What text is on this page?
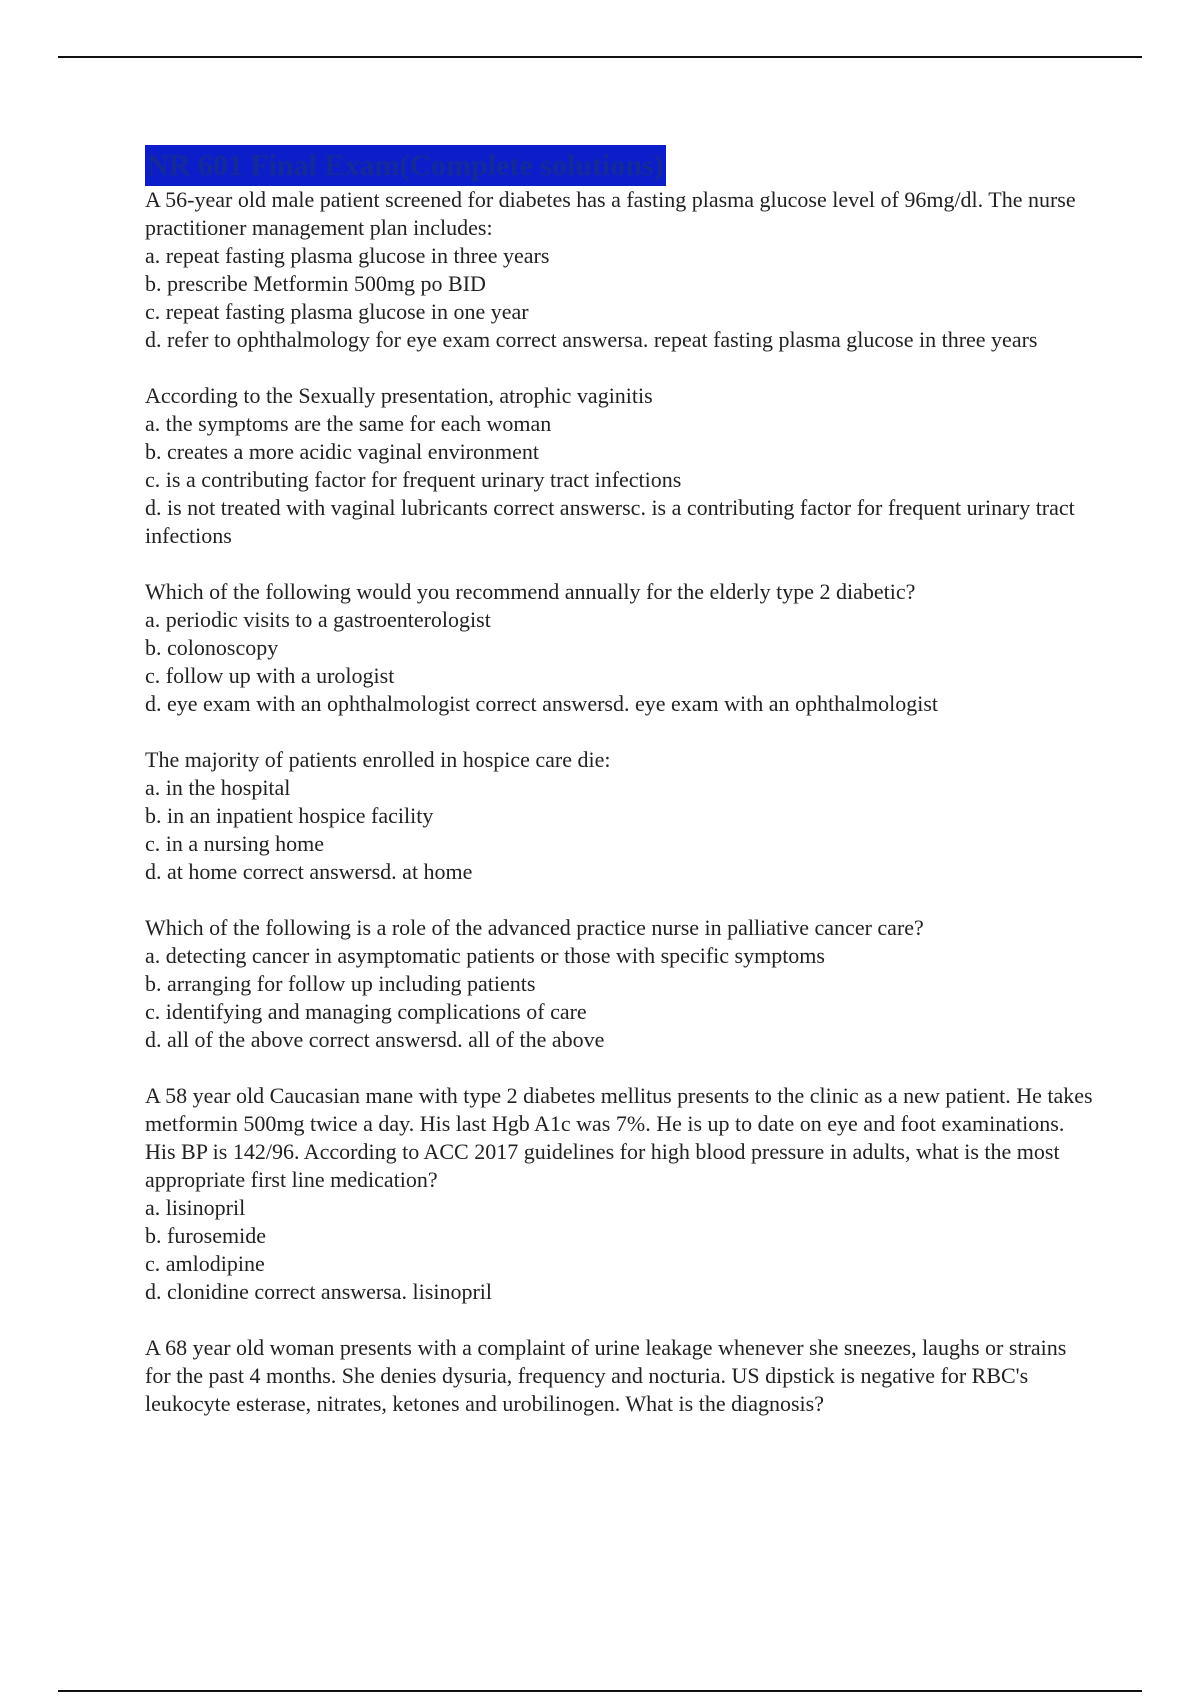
NR 601 Final Exam(Complete solutions)
A 56-year old male patient screened for diabetes has a fasting plasma glucose level of 96mg/dl. The nurse practitioner management plan includes:
a. repeat fasting plasma glucose in three years
b. prescribe Metformin 500mg po BID
c. repeat fasting plasma glucose in one year
d. refer to ophthalmology for eye exam correct answersa. repeat fasting plasma glucose in three years
According to the Sexually presentation, atrophic vaginitis
a. the symptoms are the same for each woman
b. creates a more acidic vaginal environment
c. is a contributing factor for frequent urinary tract infections
d. is not treated with vaginal lubricants correct answersc. is a contributing factor for frequent urinary tract infections
Which of the following would you recommend annually for the elderly type 2 diabetic?
a. periodic visits to a gastroenterologist
b. colonoscopy
c. follow up with a urologist
d. eye exam with an ophthalmologist correct answersd. eye exam with an ophthalmologist
The majority of patients enrolled in hospice care die:
a. in the hospital
b. in an inpatient hospice facility
c. in a nursing home
d. at home correct answersd. at home
Which of the following is a role of the advanced practice nurse in palliative cancer care?
a. detecting cancer in asymptomatic patients or those with specific symptoms
b. arranging for follow up including patients
c. identifying and managing complications of care
d. all of the above correct answersd. all of the above
A 58 year old Caucasian mane with type 2 diabetes mellitus presents to the clinic as a new patient. He takes metformin 500mg twice a day. His last Hgb A1c was 7%. He is up to date on eye and foot examinations. His BP is 142/96. According to ACC 2017 guidelines for high blood pressure in adults, what is the most appropriate first line medication?
a. lisinopril
b. furosemide
c. amlodipine
d. clonidine correct answersa. lisinopril
A 68 year old woman presents with a complaint of urine leakage whenever she sneezes, laughs or strains for the past 4 months. She denies dysuria, frequency and nocturia. US dipstick is negative for RBC's leukocyte esterase, nitrates, ketones and urobilinogen. What is the diagnosis?
